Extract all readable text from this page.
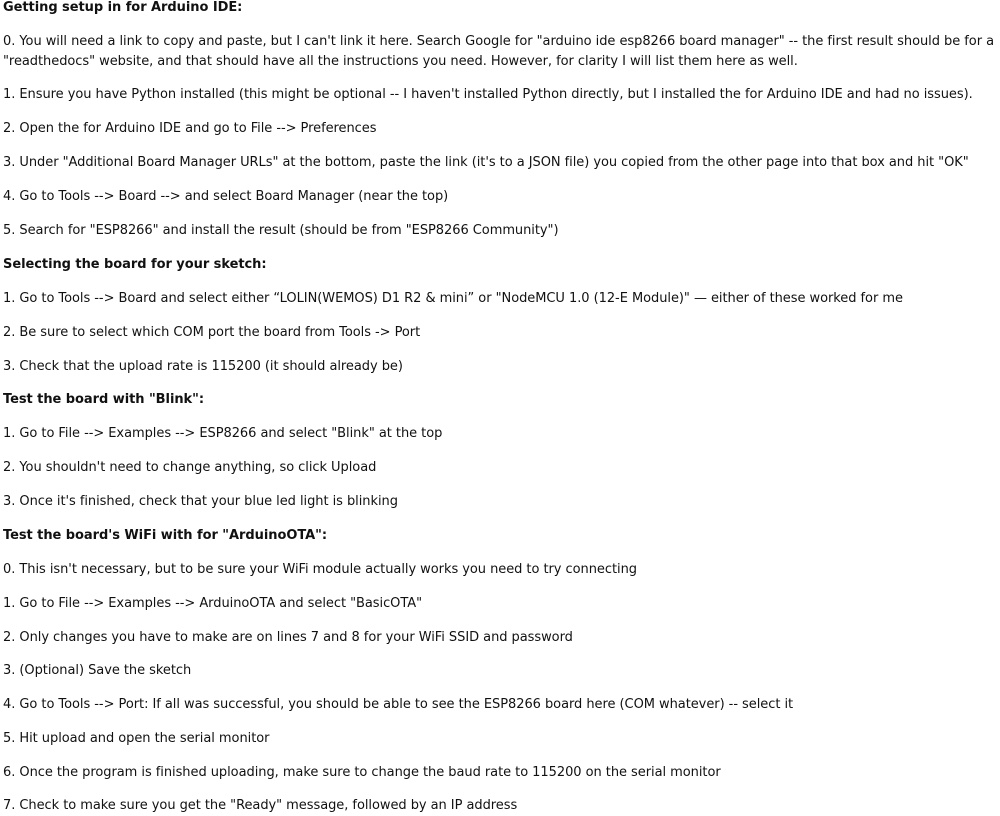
Getting setup in for Arduino IDE:
0. You will need a link to copy and paste, but I can't link it here. Search Google for "arduino ide esp8266 board manager" -- the first result should be for a "readthedocs" website, and that should have all the instructions you need. However, for clarity I will list them here as well.
1. Ensure you have Python installed (this might be optional -- I haven't installed Python directly, but I installed the for Arduino IDE and had no issues).
2. Open the for Arduino IDE and go to File --> Preferences
3. Under "Additional Board Manager URLs" at the bottom, paste the link (it's to a JSON file) you copied from the other page into that box and hit "OK"
4. Go to Tools --> Board --> and select Board Manager (near the top)
5. Search for "ESP8266" and install the result (should be from "ESP8266 Community")
Selecting the board for your sketch:
1. Go to Tools --> Board and select either “LOLIN(WEMOS) D1 R2 & mini” or "NodeMCU 1.0 (12-E Module)" — either of these worked for me
2. Be sure to select which COM port the board from Tools -> Port
3. Check that the upload rate is 115200 (it should already be)
Test the board with "Blink":
1. Go to File --> Examples --> ESP8266 and select "Blink" at the top
2. You shouldn't need to change anything, so click Upload
3. Once it's finished, check that your blue led light is blinking
Test the board's WiFi with for "ArduinoOTA":
0. This isn't necessary, but to be sure your WiFi module actually works you need to try connecting
1. Go to File --> Examples --> ArduinoOTA and select "BasicOTA"
2. Only changes you have to make are on lines 7 and 8 for your WiFi SSID and password
3. (Optional) Save the sketch
4. Go to Tools --> Port: If all was successful, you should be able to see the ESP8266 board here (COM whatever) -- select it
5. Hit upload and open the serial monitor
6. Once the program is finished uploading, make sure to change the baud rate to 115200 on the serial monitor
7. Check to make sure you get the "Ready" message, followed by an IP address
